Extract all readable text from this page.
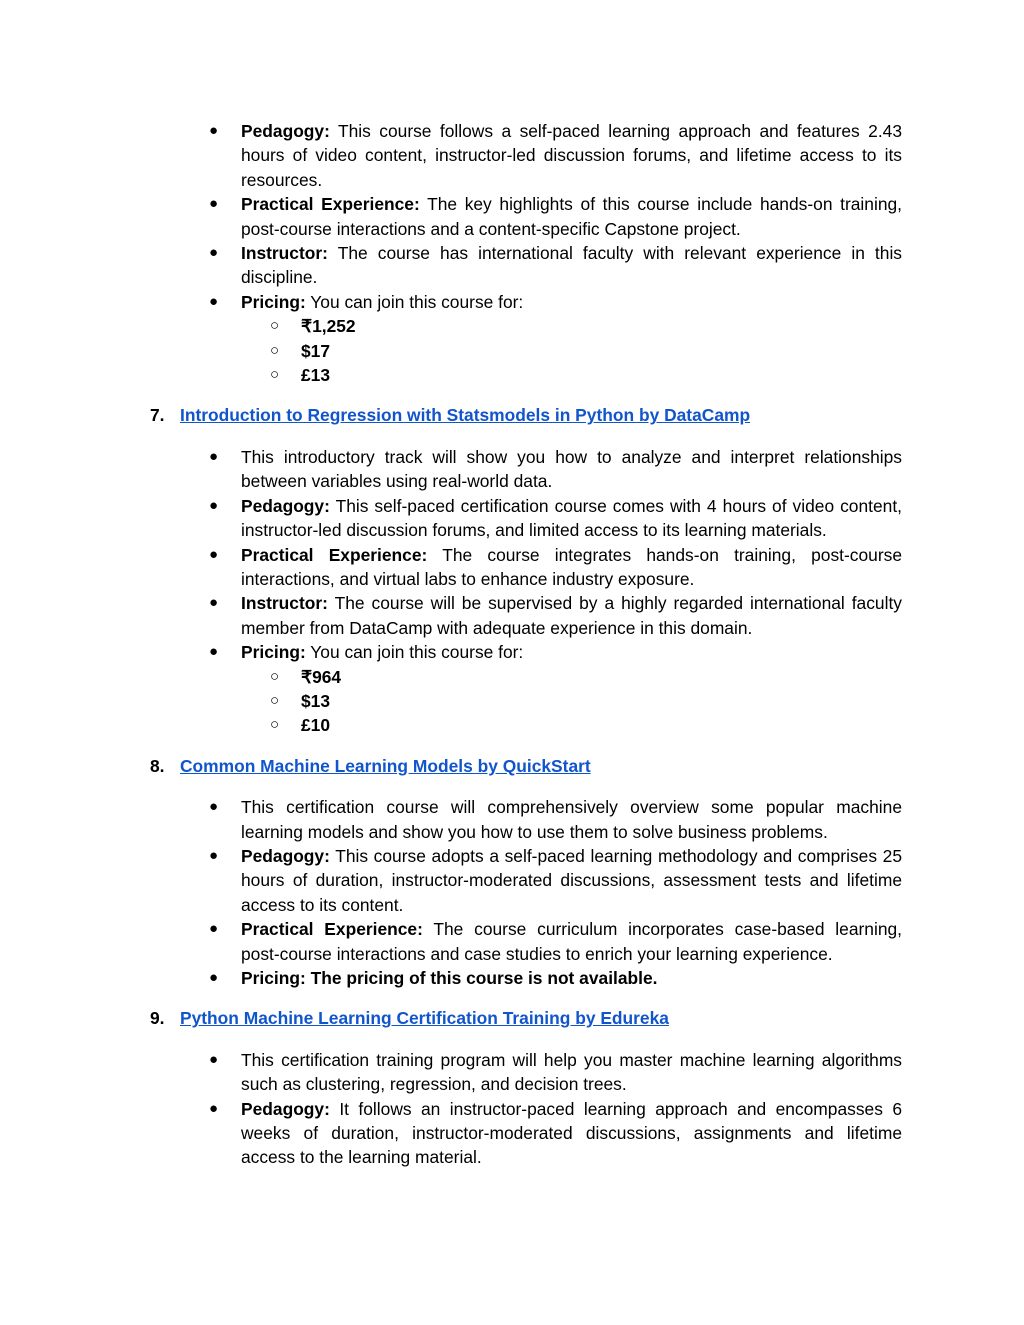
● Pedagogy: This course follows a self-paced learning approach and features 2.43 hours of video content, instructor-led discussion forums, and lifetime access to its resources.
● Practical Experience: The key highlights of this course include hands-on training, post-course interactions and a content-specific Capstone project.
● Instructor: The course has international faculty with relevant experience in this discipline.
● Pricing: You can join this course for:
○ ₹1,252
○ $17
○ £13
7. Introduction to Regression with Statsmodels in Python by DataCamp
● This introductory track will show you how to analyze and interpret relationships between variables using real-world data.
● Pedagogy: This self-paced certification course comes with 4 hours of video content, instructor-led discussion forums, and limited access to its learning materials.
● Practical Experience: The course integrates hands-on training, post-course interactions, and virtual labs to enhance industry exposure.
● Instructor: The course will be supervised by a highly regarded international faculty member from DataCamp with adequate experience in this domain.
● Pricing: You can join this course for:
○ ₹964
○ $13
○ £10
8. Common Machine Learning Models by QuickStart
● This certification course will comprehensively overview some popular machine learning models and show you how to use them to solve business problems.
● Pedagogy: This course adopts a self-paced learning methodology and comprises 25 hours of duration, instructor-moderated discussions, assessment tests and lifetime access to its content.
● Practical Experience: The course curriculum incorporates case-based learning, post-course interactions and case studies to enrich your learning experience.
● Pricing: The pricing of this course is not available.
9. Python Machine Learning Certification Training by Edureka
● This certification training program will help you master machine learning algorithms such as clustering, regression, and decision trees.
● Pedagogy: It follows an instructor-paced learning approach and encompasses 6 weeks of duration, instructor-moderated discussions, assignments and lifetime access to the learning material.
